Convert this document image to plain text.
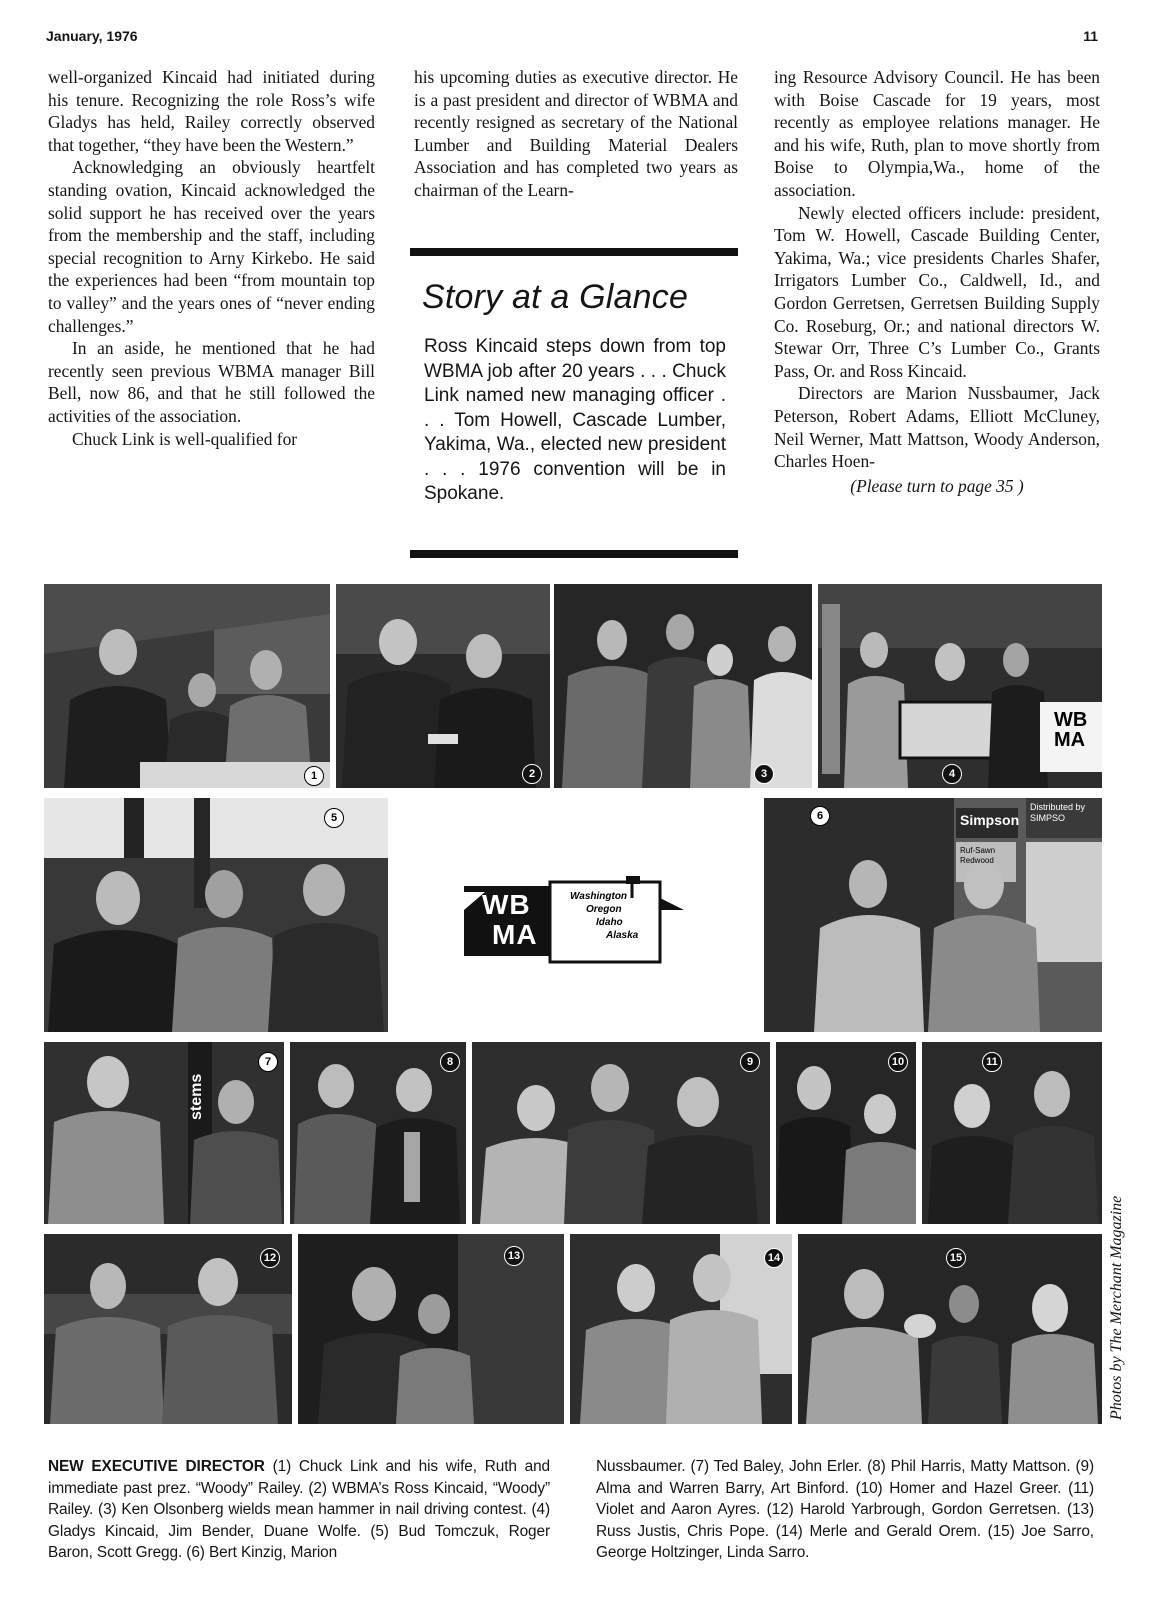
January, 1976	11

well-organized Kincaid had initiated during his tenure. Recognizing the role Ross’s wife Gladys has held, Railey correctly observed that together, “they have been the Western.”

Acknowledging an obviously heartfelt standing ovation, Kincaid acknowledged the solid support he has received over the years from the membership and the staff, including special recognition to Arny Kirkebo. He said the experiences had been “from mountain top to valley” and the years ones of “never ending challenges.”

In an aside, he mentioned that he had recently seen previous WBMA manager Bill Bell, now 86, and that he still followed the activities of the association.

Chuck Link is well-qualified for

his upcoming duties as executive director. He is a past president and director of WBMA and recently resigned as secretary of the National Lumber and Building Material Dealers Association and has completed two years as chairman of the Learn-

ing Resource Advisory Council. He has been with Boise Cascade for 19 years, most recently as employee relations manager. He and his wife, Ruth, plan to move shortly from Boise to Olympia,Wa., home of the association.

Newly elected officers include: president, Tom W. Howell, Cascade Building Center, Yakima, Wa.; vice presidents Charles Shafer, Irrigators Lumber Co., Caldwell, Id., and Gordon Gerretsen, Gerretsen Building Supply Co. Roseburg, Or.; and national directors W. Stewar Orr, Three C’s Lumber Co., Grants Pass, Or. and Ross Kincaid.

Directors are Marion Nussbaumer, Jack Peterson, Robert Adams, Elliott McCluney, Neil Werner, Matt Mattson, Woody Anderson, Charles Hoen-

(Please turn to page 35 )
Story at a Glance
Ross Kincaid steps down from top WBMA job after 20 years . . . Chuck Link named new managing officer . . . Tom Howell, Cascade Lumber, Yakima, Wa., elected new president . . . 1976 convention will be in Spokane.
1	2	3
WB MA
4
5
WB
MA
Washington
Oregon
Idaho
Alaska
Simpson
Distributed by SIMPSO
Ruf-Sawn Redwood
6
stems
7	8	9	10	11
12	13	14	15	Photos by The Merchant Magazine
NEW EXECUTIVE DIRECTOR (1) Chuck Link and his wife, Ruth and immediate past prez. “Woody” Railey. (2) WBMA’s Ross Kincaid, “Woody” Railey. (3) Ken Olsonberg wields mean hammer in nail driving contest. (4) Gladys Kincaid, Jim Bender, Duane Wolfe. (5) Bud Tomczuk, Roger Baron, Scott Gregg. (6) Bert Kinzig, Marion
Nussbaumer. (7) Ted Baley, John Erler. (8) Phil Harris, Matty Mattson. (9) Alma and Warren Barry, Art Binford. (10) Homer and Hazel Greer. (11) Violet and Aaron Ayres. (12) Harold Yarbrough, Gordon Gerretsen. (13) Russ Justis, Chris Pope. (14) Merle and Gerald Orem. (15) Joe Sarro, George Holtzinger, Linda Sarro.
